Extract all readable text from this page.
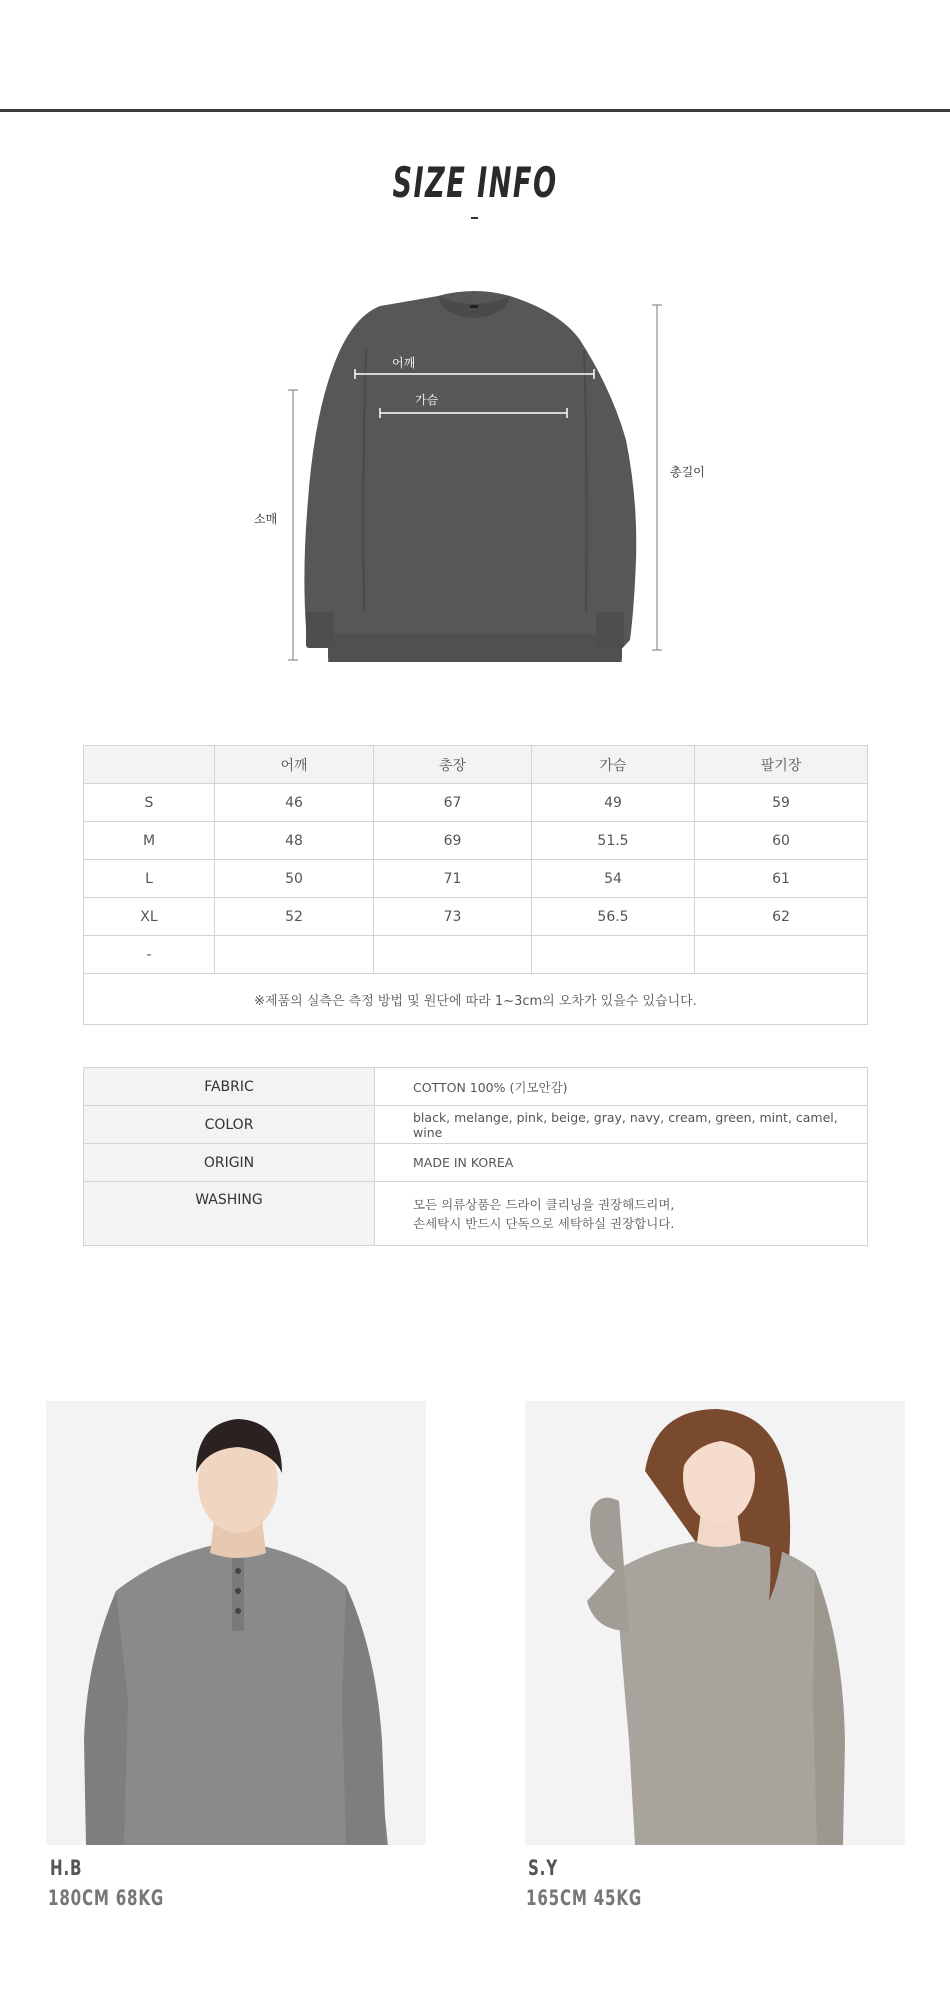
SIZE INFO
어깨
가슴
소매
총길이
	어깨	총장	가슴	팔기장
S	46	67	49	59
M	48	69	51.5	60
L	50	71	54	61
XL	52	73	56.5	62
-				
※제품의 실측은 측정 방법 및 원단에 따라 1~3cm의 오차가 있을수 있습니다.				
FABRIC	COTTON 100% (기모안감)
COLOR	black, melange, pink, beige, gray, navy, cream, green, mint, camel, wine
ORIGIN	MADE IN KOREA
WASHING	모든 의류상품은 드라이 클리닝을 권장해드리며,
손세탁시 반드시 단독으로 세탁하실 권장합니다.
H.B
180CM 68KG
S.Y
165CM 45KG
